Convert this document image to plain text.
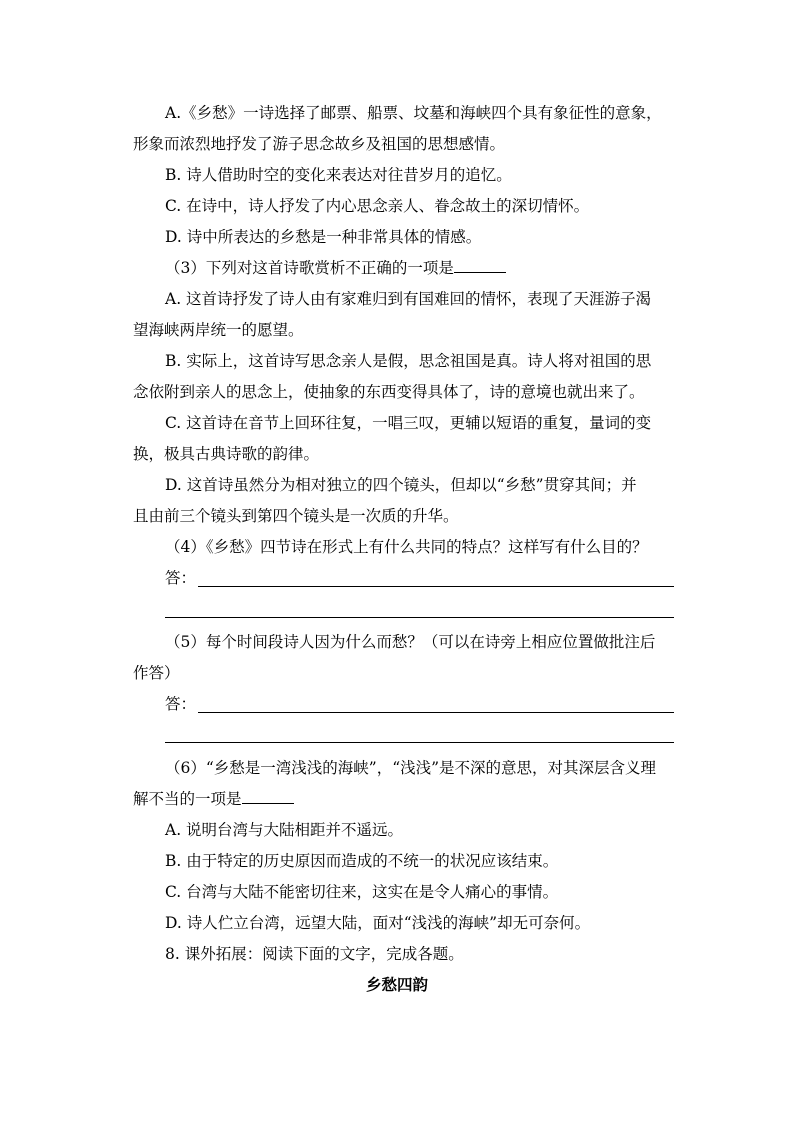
A.《乡愁》一诗选择了邮票、船票、坟墓和海峡四个具有象征性的意象，
形象而浓烈地抒发了游子思念故乡及祖国的思想感情。
B. 诗人借助时空的变化来表达对往昔岁月的追忆。
C. 在诗中，诗人抒发了内心思念亲人、眷念故土的深切情怀。
D. 诗中所表达的乡愁是一种非常具体的情感。
（3）下列对这首诗歌赏析不正确的一项是
A. 这首诗抒发了诗人由有家难归到有国难回的情怀，表现了天涯游子渴
望海峡两岸统一的愿望。
B. 实际上，这首诗写思念亲人是假，思念祖国是真。诗人将对祖国的思
念依附到亲人的思念上，使抽象的东西变得具体了，诗的意境也就出来了。
C. 这首诗在音节上回环往复，一唱三叹，更辅以短语的重复，量词的变
换，极具古典诗歌的韵律。
D. 这首诗虽然分为相对独立的四个镜头，但却以“乡愁”贯穿其间；并
且由前三个镜头到第四个镜头是一次质的升华。
（4）《乡愁》四节诗在形式上有什么共同的特点？这样写有什么目的？
答：
（5）每个时间段诗人因为什么而愁？（可以在诗旁上相应位置做批注后
作答）
答：
（6）“乡愁是一湾浅浅的海峡”，“浅浅”是不深的意思，对其深层含义理
解不当的一项是
A. 说明台湾与大陆相距并不遥远。
B. 由于特定的历史原因而造成的不统一的状况应该结束。
C. 台湾与大陆不能密切往来，这实在是令人痛心的事情。
D. 诗人伫立台湾，远望大陆，面对“浅浅的海峡”却无可奈何。
8. 课外拓展：阅读下面的文字，完成各题。
乡愁四韵
